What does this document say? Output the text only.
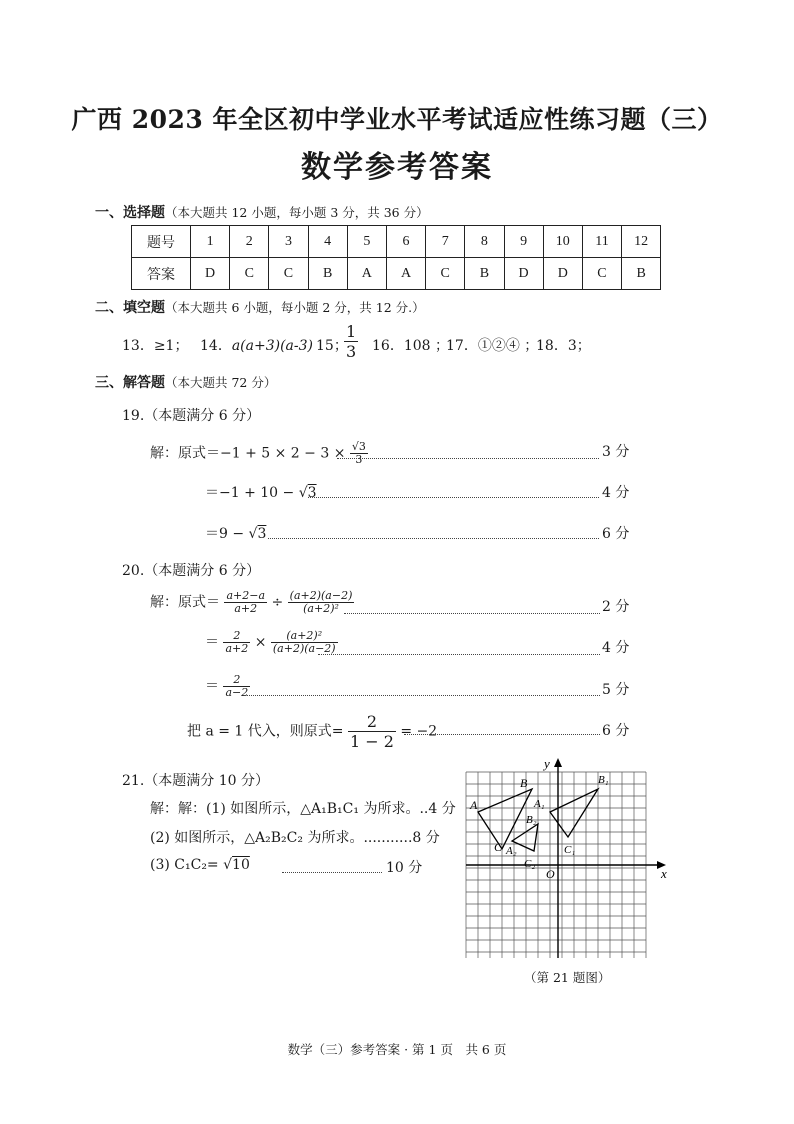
广西 2023 年全区初中学业水平考试适应性练习题（三）
数学参考答案
一、选择题（本大题共 12 小题，每小题 3 分，共 36 分）
题号	1	2	3	4	5	6	7	8	9	10	11	12
答案	D	C	C	B	A	A	C	B	D	D	C	B
二、填空题（本大题共 6 小题，每小题 2 分，共 12 分.）
13．≥1； 14．a(a+3)(a-3) 15；
$\frac{1}{3} 16$．108 ；
17．①②④ ；
18．3；
三、解答题（本大题共 72 分）
19.（本题满分 6 分）
解：原式$=-1 + 5 \times 2 - 3 \times \frac{√3}{3}$	3 分
＝−1 + 10 − √3	4 分
＝9 − √3	6 分
20.（本题满分 6 分）
解：原式＝ $\frac{a+2-a}{a+2} \div \frac{(a+2)(a-2)}{\text{(a+2)²}}$	2 分
＝ $\frac{2}{a+2} \times \frac{\text{(a+2)²}}{(a+2)(a-2)}$	4 分
＝ $\frac{2}{a-2}$	5 分
把 a = 1 代入，则原式= $\frac{2}{1 - 2} = -2$	6 分
21.（本题满分 10 分）
解：解：(1) 如图所示，△A₁B₁C₁ 为所求。..4 分
(2) 如图所示，△A₂B₂C₂ 为所求。...........8 分
(3) C₁C₂= √10	10 分	x
y
O
A
B
C
A₁
B₁
C₁
A₂
B₂
C₂
（第 21 题图）
数学（三）参考答案 · 第 1 页　共 6 页
